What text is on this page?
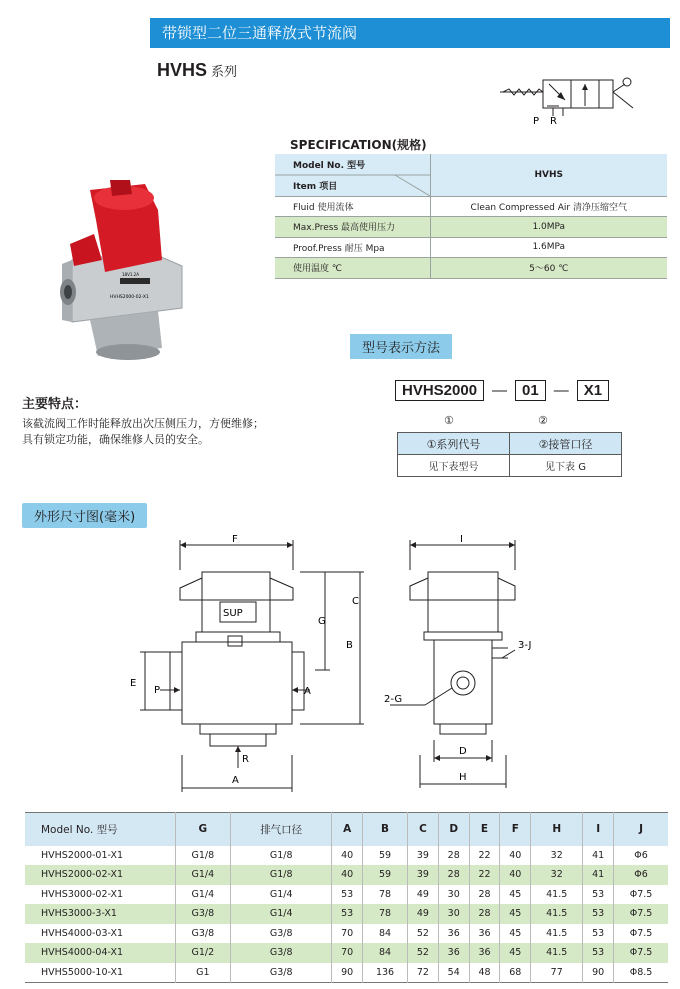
带锁型二位三通释放式节流阀
HVHS 系列
P R
SPECIFICATION(规格)
Model No. 型号
Item 项目	HVHS
Fluid 使用流体	Clean Compressed Air 清净压缩空气
Max.Press 最高使用压力	1.0MPa
Proof.Press 耐压 Mpa	1.6MPa
使用温度 ℃	5～60 ℃
18V1.2A
HVHS2000-02-X1
型号表示方法
主要特点：
该截流阀工作时能释放出次压侧压力，方便维修；
具有锁定功能，确保维修人员的安全。
HVHS2000	—	01	—	X1
①	②
①系列代号	②接管口径
见下表型号	见下表 G
外形尺寸图(毫米)
F
SUP
G
B
E
P	A
R
A
C
I
3-J
2-G
D
H
Model No. 型号	G	排气口径	A	B	C	D	E	F	H	I	J
HVHS2000-01-X1	G1/8	G1/8	40	59	39	28	22	40	32	41	Φ6
HVHS2000-02-X1	G1/4	G1/8	40	59	39	28	22	40	32	41	Φ6
HVHS3000-02-X1	G1/4	G1/4	53	78	49	30	28	45	41.5	53	Φ7.5
HVHS3000-3-X1	G3/8	G1/4	53	78	49	30	28	45	41.5	53	Φ7.5
HVHS4000-03-X1	G3/8	G3/8	70	84	52	36	36	45	41.5	53	Φ7.5
HVHS4000-04-X1	G1/2	G3/8	70	84	52	36	36	45	41.5	53	Φ7.5
HVHS5000-10-X1	G1	G3/8	90	136	72	54	48	68	77	90	Φ8.5
